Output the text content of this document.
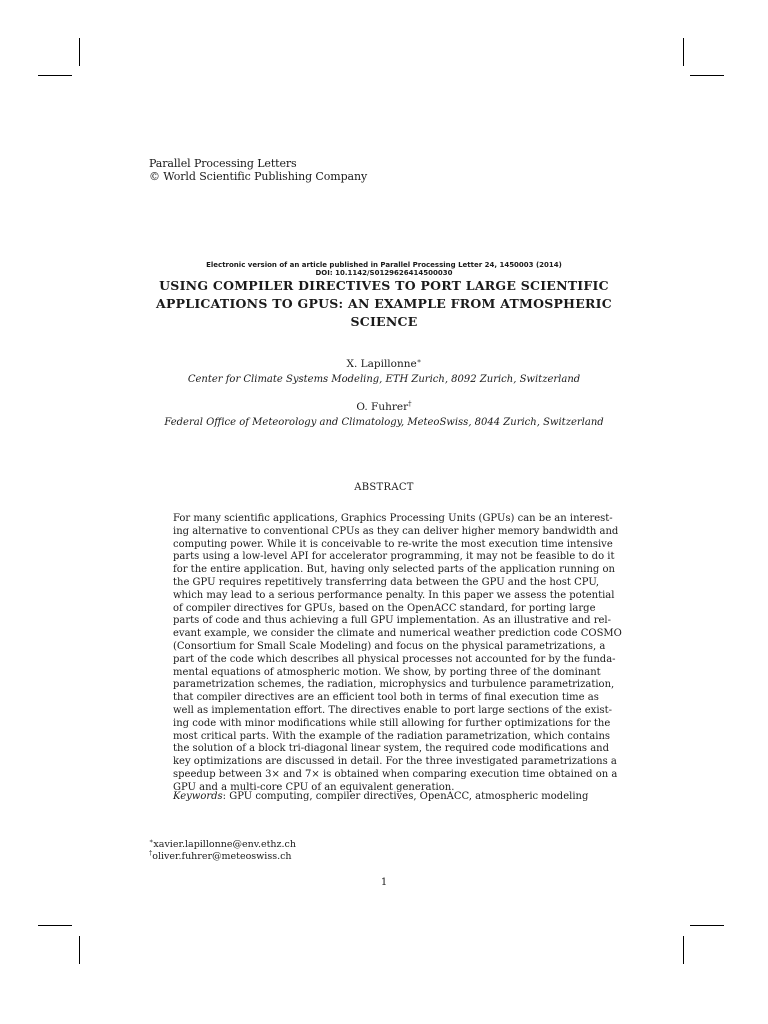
Parallel Processing Letters
© World Scientific Publishing Company
Electronic version of an article published in Parallel Processing Letter 24, 1450003 (2014)
DOI: 10.1142/S0129626414500030
USING COMPILER DIRECTIVES TO PORT LARGE SCIENTIFIC
APPLICATIONS TO GPUS: AN EXAMPLE FROM ATMOSPHERIC
SCIENCE
X. Lapillonne∗
Center for Climate Systems Modeling, ETH Zurich, 8092 Zurich, Switzerland
O. Fuhrer†
Federal Office of Meteorology and Climatology, MeteoSwiss, 8044 Zurich, Switzerland
ABSTRACT
For many scientific applications, Graphics Processing Units (GPUs) can be an interest-
ing alternative to conventional CPUs as they can deliver higher memory bandwidth and
computing power. While it is conceivable to re-write the most execution time intensive
parts using a low-level API for accelerator programming, it may not be feasible to do it
for the entire application. But, having only selected parts of the application running on
the GPU requires repetitively transferring data between the GPU and the host CPU,
which may lead to a serious performance penalty. In this paper we assess the potential
of compiler directives for GPUs, based on the OpenACC standard, for porting large
parts of code and thus achieving a full GPU implementation. As an illustrative and rel-
evant example, we consider the climate and numerical weather prediction code COSMO
(Consortium for Small Scale Modeling) and focus on the physical parametrizations, a
part of the code which describes all physical processes not accounted for by the funda-
mental equations of atmospheric motion. We show, by porting three of the dominant
parametrization schemes, the radiation, microphysics and turbulence parametrization,
that compiler directives are an efficient tool both in terms of final execution time as
well as implementation effort. The directives enable to port large sections of the exist-
ing code with minor modifications while still allowing for further optimizations for the
most critical parts. With the example of the radiation parametrization, which contains
the solution of a block tri-diagonal linear system, the required code modifications and
key optimizations are discussed in detail. For the three investigated parametrizations a
speedup between 3× and 7× is obtained when comparing execution time obtained on a
GPU and a multi-core CPU of an equivalent generation.
Keywords: GPU computing, compiler directives, OpenACC, atmospheric modeling
∗xavier.lapillonne@env.ethz.ch
†oliver.fuhrer@meteoswiss.ch
1
